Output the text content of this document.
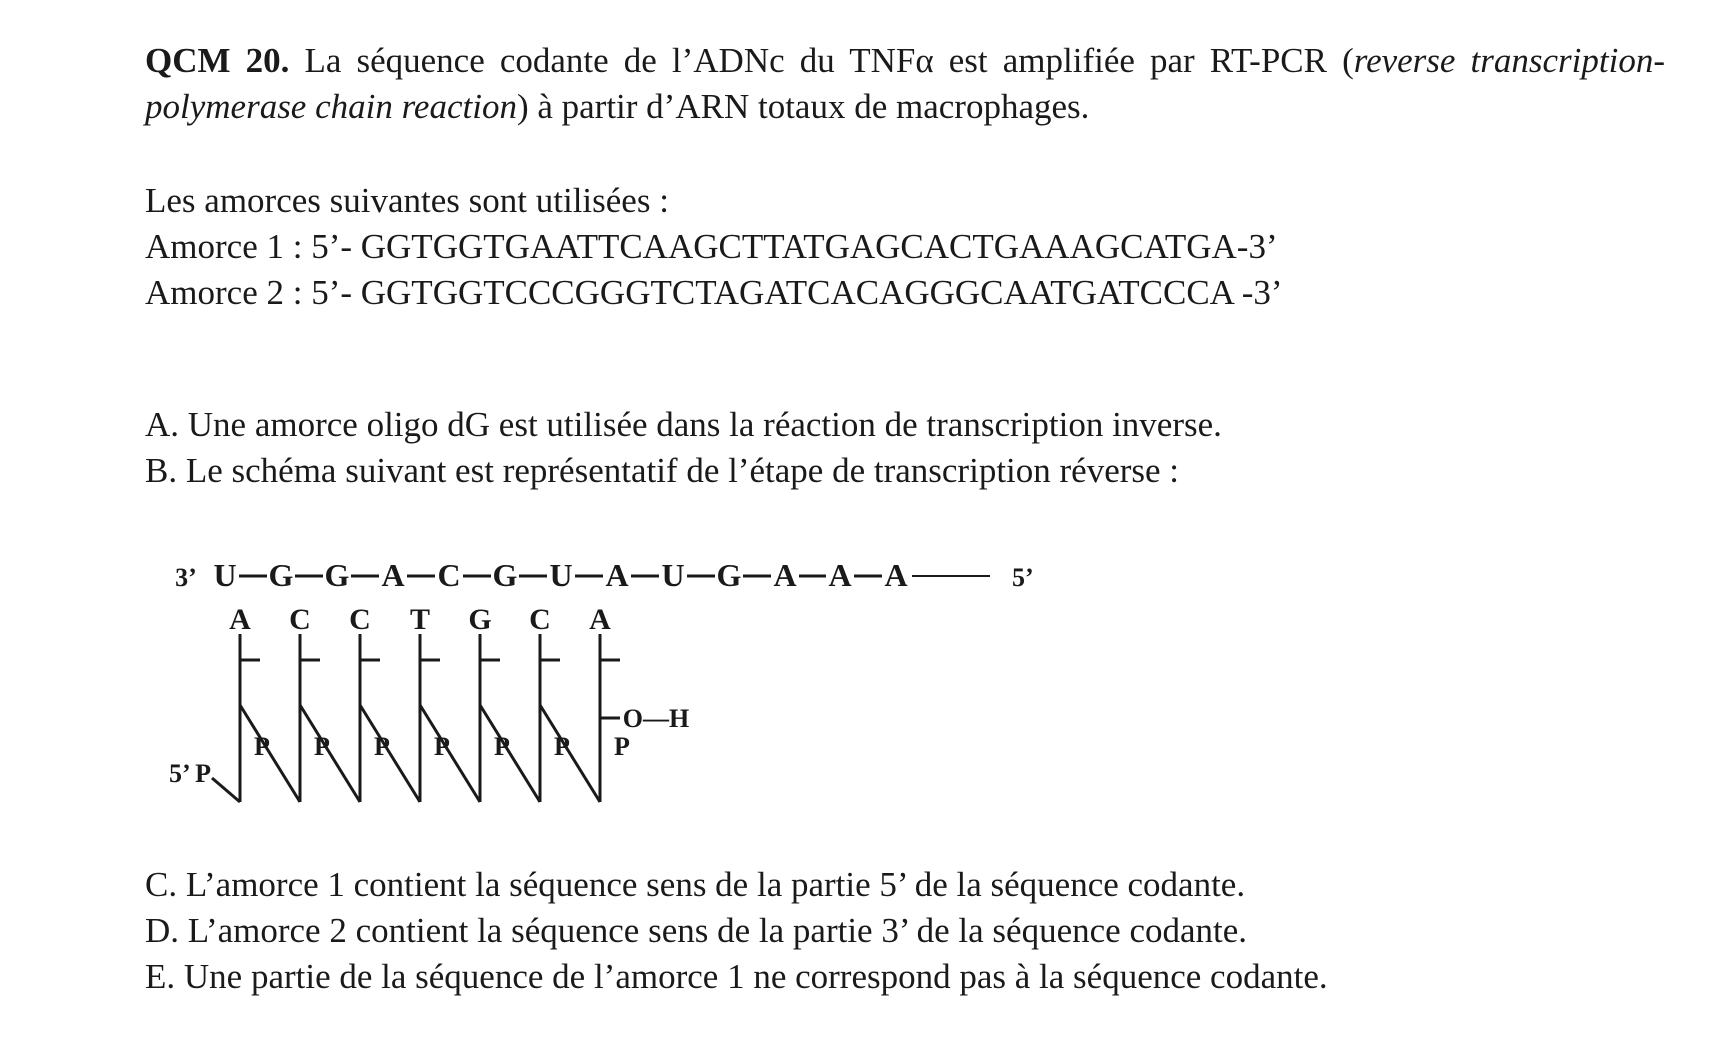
QCM 20. La séquence codante de l’ADNc du TNFα est amplifiée par RT-PCR (reverse transcription-polymerase chain reaction) à partir d’ARN totaux de macrophages.
Les amorces suivantes sont utilisées :
Amorce 1 : 5’- GGTGGTGAATTCAAGCTTATGAGCACTGAAAGCATGA-3’
Amorce 2 : 5’- GGTGGTCCCGGGTCTAGATCACAGGGCAATGATCCCA -3’
A. Une amorce oligo dG est utilisée dans la réaction de transcription inverse.
B. Le schéma suivant est représentatif de l’étape de transcription réverse :
U G G A C G U A U G A A A
A
P
C
P
C
P
T
P
G
P
C
P
A
P
3’	5’
5’ P
O—H
C. L’amorce 1 contient la séquence sens de la partie 5’ de la séquence codante.
D. L’amorce 2 contient la séquence sens de la partie 3’ de la séquence codante.
E. Une partie de la séquence de l’amorce 1 ne correspond pas à la séquence codante.
